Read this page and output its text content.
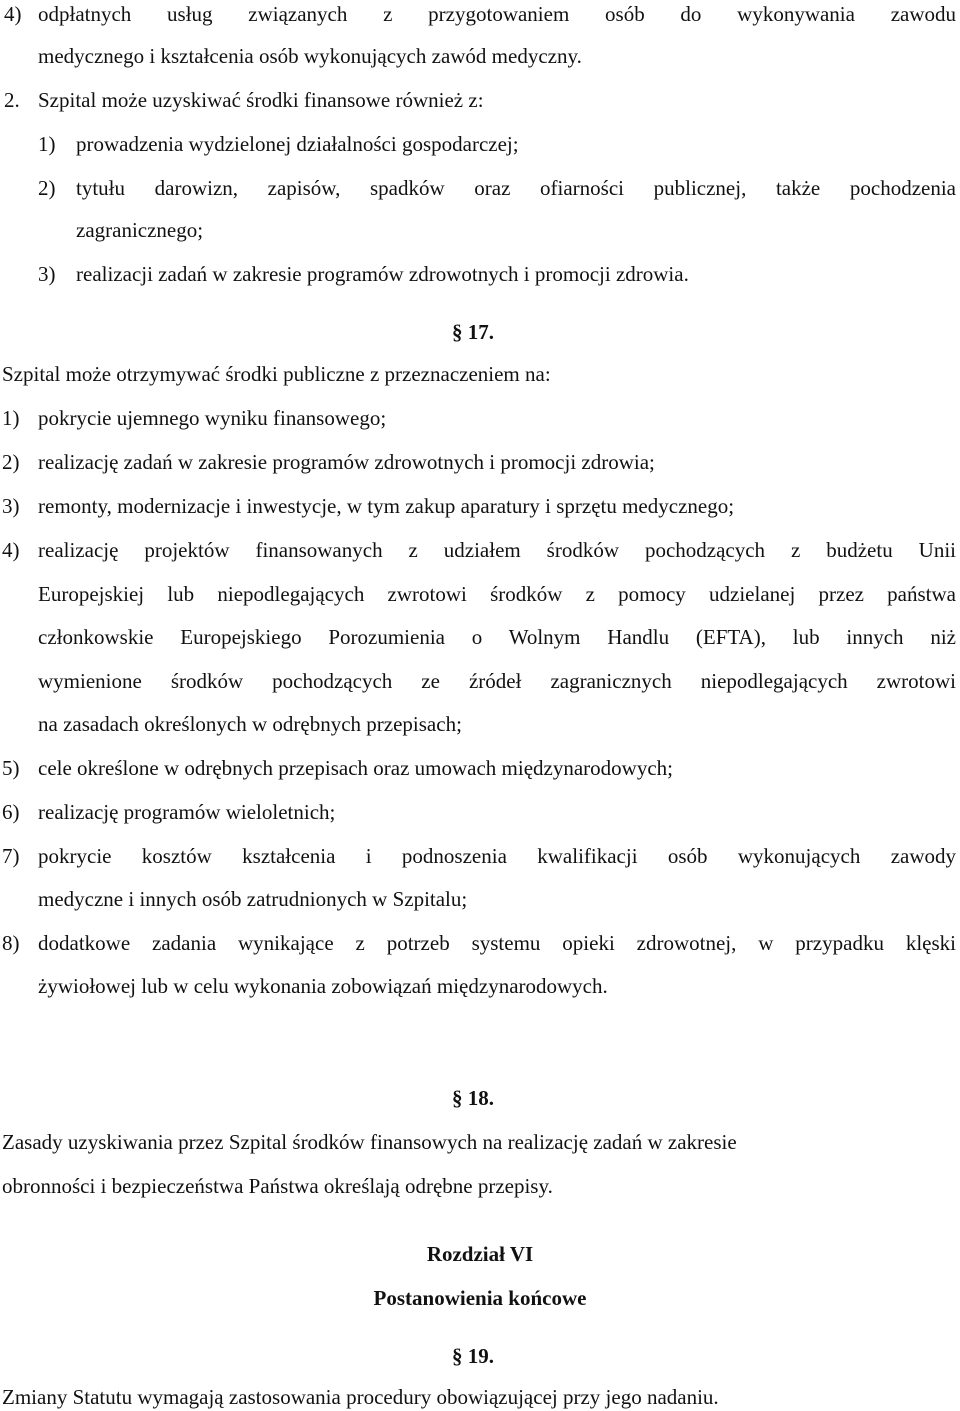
4) odpłatnych usług związanych z przygotowaniem osób do wykonywania zawodu
medycznego i kształcenia osób wykonujących zawód medyczny.
2. Szpital może uzyskiwać środki finansowe również z:
1) prowadzenia wydzielonej działalności gospodarczej;
2) tytułu darowizn, zapisów, spadków oraz ofiarności publicznej, także pochodzenia
zagranicznego;
3) realizacji zadań w zakresie programów zdrowotnych i promocji zdrowia.
§ 17.
Szpital może otrzymywać środki publiczne z przeznaczeniem na:
1) pokrycie ujemnego wyniku finansowego;
2) realizację zadań w zakresie programów zdrowotnych i promocji zdrowia;
3) remonty, modernizacje i inwestycje, w tym zakup aparatury i sprzętu medycznego;
4) realizację projektów finansowanych z udziałem środków pochodzących z budżetu Unii
Europejskiej lub niepodlegających zwrotowi środków z pomocy udzielanej przez państwa
członkowskie Europejskiego Porozumienia o Wolnym Handlu (EFTA), lub innych niż
wymienione środków pochodzących ze źródeł zagranicznych niepodlegających zwrotowi
na zasadach określonych w odrębnych przepisach;
5) cele określone w odrębnych przepisach oraz umowach międzynarodowych;
6) realizację programów wieloletnich;
7) pokrycie kosztów kształcenia i podnoszenia kwalifikacji osób wykonujących zawody
medyczne i innych osób zatrudnionych w Szpitalu;
8) dodatkowe zadania wynikające z potrzeb systemu opieki zdrowotnej, w przypadku klęski
żywiołowej lub w celu wykonania zobowiązań międzynarodowych.
§ 18.
Zasady uzyskiwania przez Szpital środków finansowych na realizację zadań w zakresie
obronności i bezpieczeństwa Państwa określają odrębne przepisy.
Rozdział VI
Postanowienia końcowe
§ 19.
Zmiany Statutu wymagają zastosowania procedury obowiązującej przy jego nadaniu.
